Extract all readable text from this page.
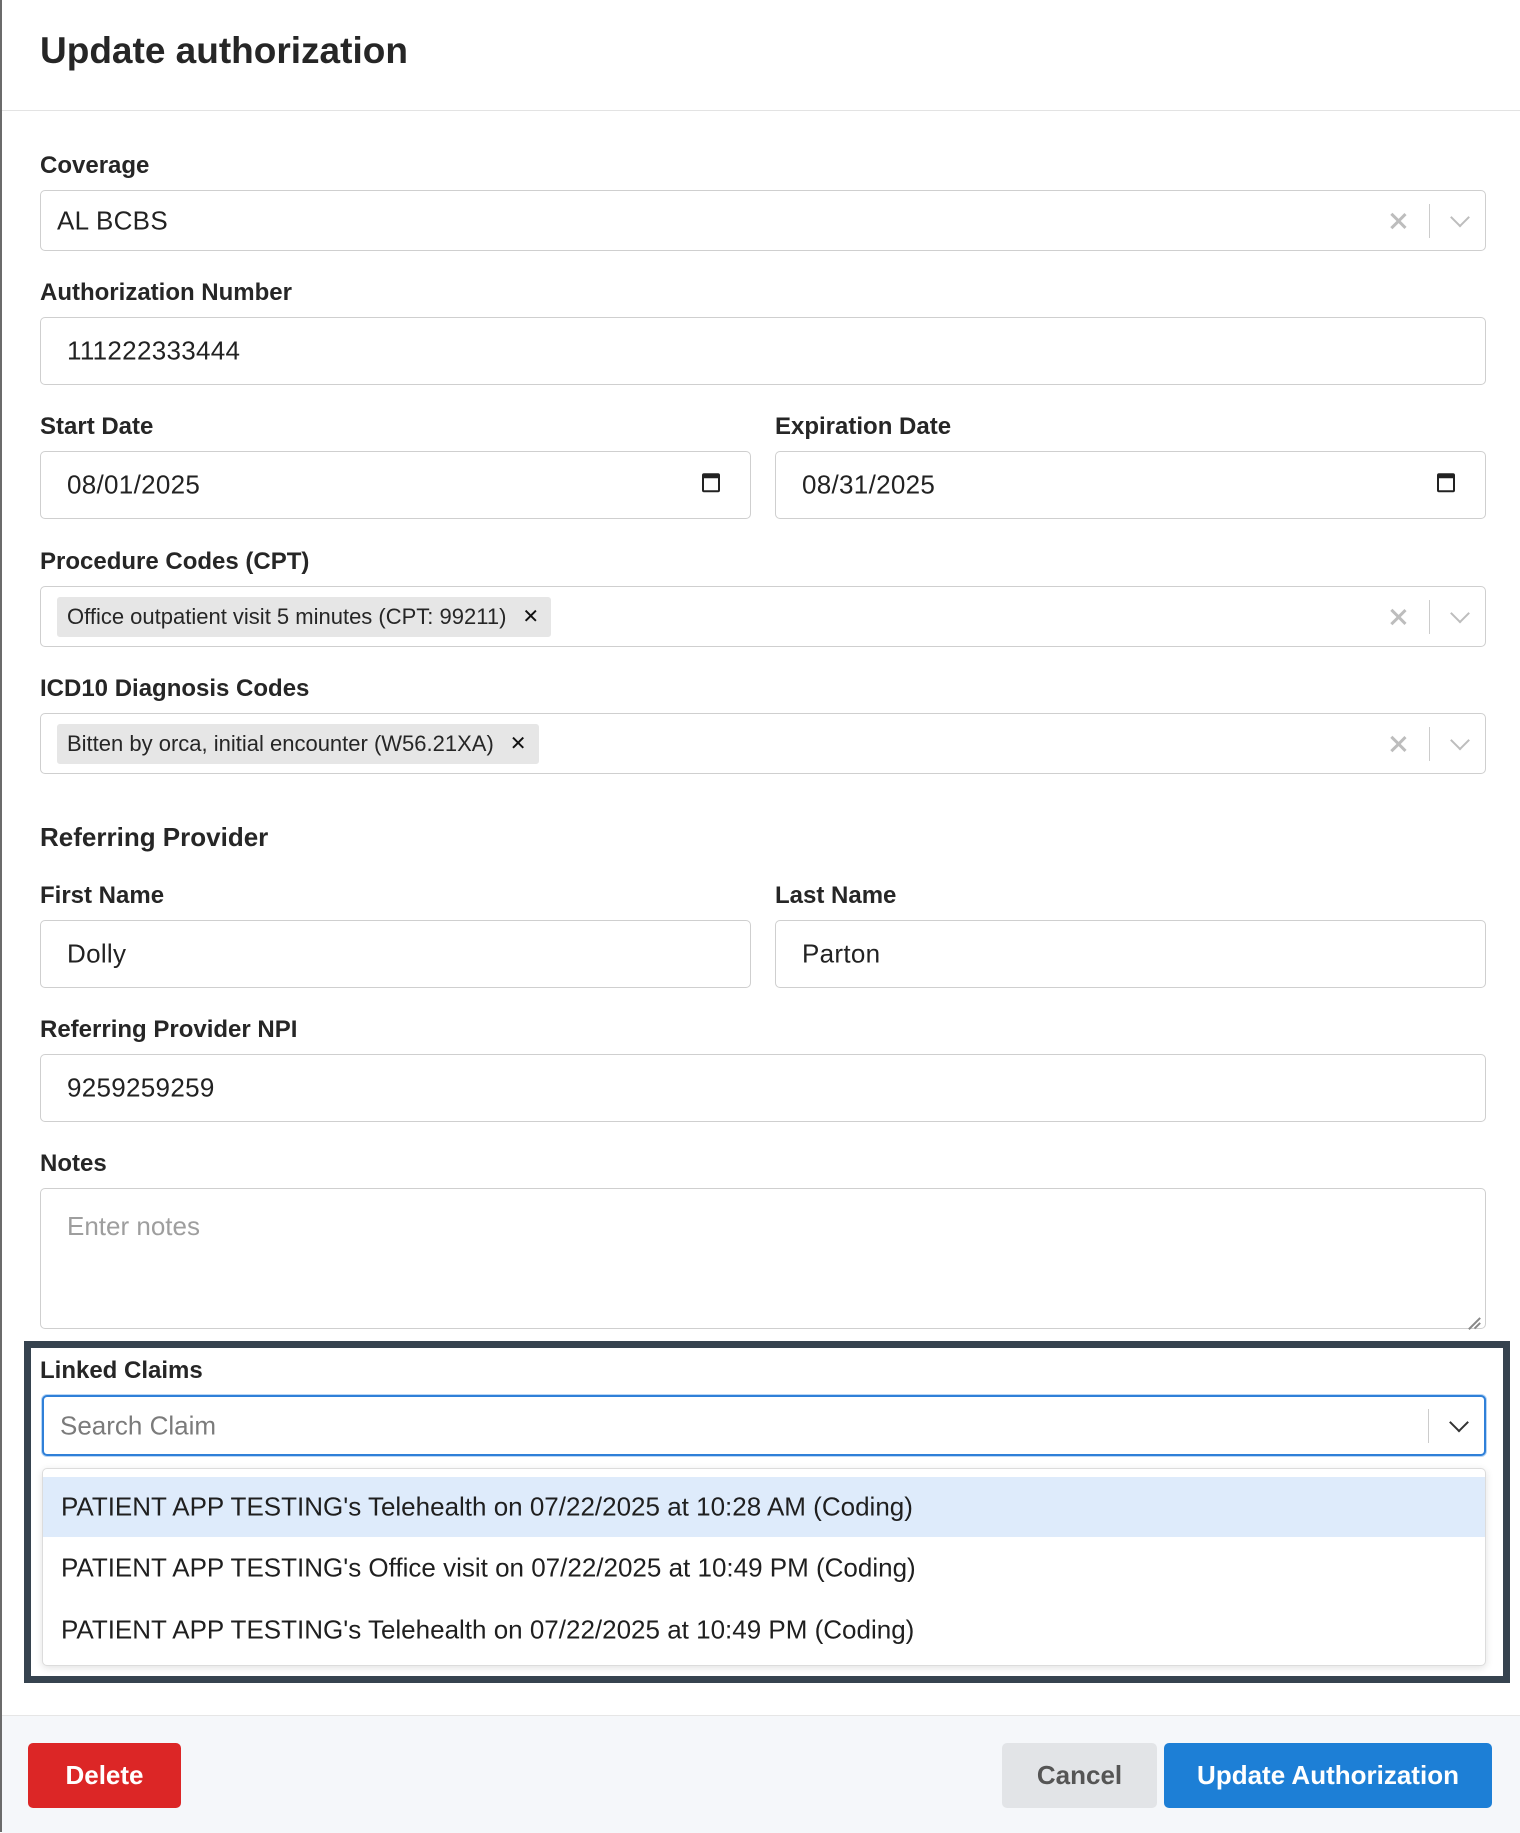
Update authorization
Coverage
AL BCBS
Authorization Number
111222333444
Start Date
08/01/2025
Expiration Date
08/31/2025
Procedure Codes (CPT)
Office outpatient visit 5 minutes (CPT: 99211) ✕
ICD10 Diagnosis Codes
Bitten by orca, initial encounter (W56.21XA) ✕
Referring Provider
First Name
Dolly
Last Name
Parton
Referring Provider NPI
9259259259
Notes
Enter notes
Linked Claims
Search Claim
PATIENT APP TESTING's Telehealth on 07/22/2025 at 10:28 AM (Coding)
PATIENT APP TESTING's Office visit on 07/22/2025 at 10:49 PM (Coding)
PATIENT APP TESTING's Telehealth on 07/22/2025 at 10:49 PM (Coding)
Delete	Cancel	Update Authorization
